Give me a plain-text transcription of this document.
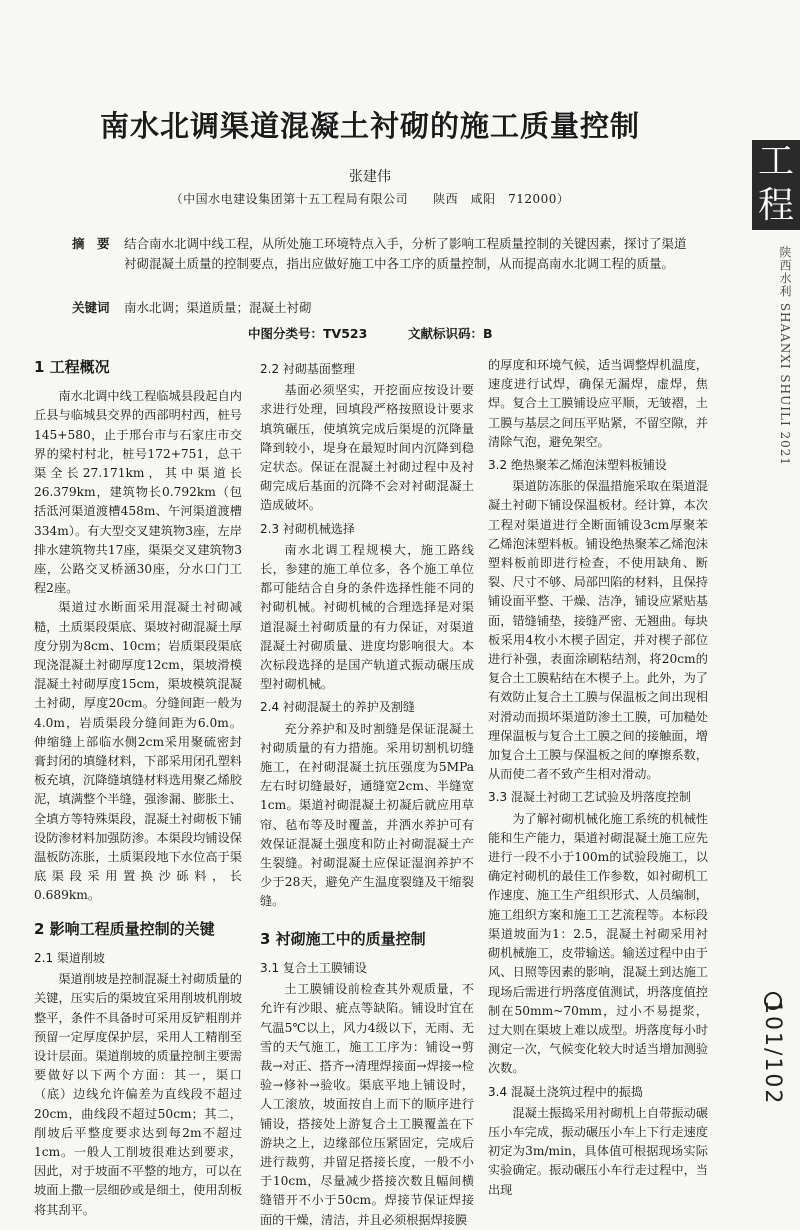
南水北调渠道混凝土衬砌的施工质量控制
张建伟
（中国水电建设集团第十五工程局有限公司　　陕西　咸阳　712000）
摘　要 结合南水北调中线工程，从所处施工环境特点入手，分析了影响工程质量控制的关键因素，探讨了渠道衬砌混凝土质量的控制要点，指出应做好施工中各工序的质量控制，从而提高南水北调工程的质量。
关键词 南水北调；渠道质量；混凝土衬砌
中图分类号：TV523	文献标识码：B
1 工程概况

南水北调中线工程临城县段起自内丘县与临城县交界的西部明村西，桩号145+580，止于邢台市与石家庄市交界的梁村村北，桩号172+751，总干渠全长27.171km，其中渠道长26.379km，建筑物长0.792km（包括泜河渠道渡槽458m、午河渠道渡槽334m）。有大型交叉建筑物3座，左岸排水建筑物共17座，渠渠交叉建筑物3座，公路交叉桥涵30座，分水口门工程2座。

渠道过水断面采用混凝土衬砌减糙，土质渠段渠底、渠坡衬砌混凝土厚度分别为8cm、10cm；岩质渠段渠底现浇混凝土衬砌厚度12cm，渠坡滑模混凝土衬砌厚度15cm，渠坡模筑混凝土衬砌，厚度20cm。分缝间距一般为4.0m，岩质渠段分缝间距为6.0m。伸缩缝上部临水侧2cm采用聚硫密封膏封闭的填缝材料，下部采用闭孔塑料板充填，沉降缝填缝材料选用聚乙烯胶泥，填满整个半缝，强渗漏、膨胀土、全填方等特殊渠段，混凝土衬砌板下铺设防渗材料加强防渗。本渠段均铺设保温板防冻胀，土质渠段地下水位高于渠底渠段采用置换沙砾料，长0.689km。

2 影响工程质量控制的关键
2.1 渠道削坡

渠道削坡是控制混凝土衬砌质量的关键，压实后的渠坡宜采用削坡机削坡整平，条件不具备时可采用反铲粗削并预留一定厚度保护层，采用人工精削至设计层面。渠道削坡的质量控制主要需要做好以下两个方面：其一，渠口（底）边线允许偏差为直线段不超过20cm，曲线段不超过50cm；其二，削坡后平整度要求达到每2m不超过1cm。一般人工削坡很难达到要求，因此，对于坡面不平整的地方，可以在坡面上撒一层细砂或是细土，使用刮板将其刮平。

2.2 衬砌基面整理

基面必须坚实，开挖面应按设计要求进行处理，回填段严格按照设计要求填筑碾压，使填筑完成后渠堤的沉降量降到较小，堤身在最短时间内沉降到稳定状态。保证在混凝土衬砌过程中及衬砌完成后基面的沉降不会对衬砌混凝土造成破坏。

2.3 衬砌机械选择

南水北调工程规模大，施工路线长，参建的施工单位多，各个施工单位都可能结合自身的条件选择性能不同的衬砌机械。衬砌机械的合理选择是对渠道混凝土衬砌质量的有力保证，对渠道混凝土衬砌质量、进度均影响很大。本次标段选择的是国产轨道式振动碾压成型衬砌机械。

2.4 衬砌混凝土的养护及割缝

充分养护和及时割缝是保证混凝土衬砌质量的有力措施。采用切割机切缝施工，在衬砌混凝土抗压强度为5MPa左右时切缝最好，通缝宽2cm、半缝宽1cm。渠道衬砌混凝土初凝后就应用草帘、毡布等及时覆盖，并洒水养护可有效保证混凝土强度和防止衬砌混凝土产生裂缝。衬砌混凝土应保证湿润养护不少于28天，避免产生温度裂缝及干缩裂缝。

3 衬砌施工中的质量控制
3.1 复合土工膜铺设

土工膜铺设前检查其外观质量，不允许有沙眼、疵点等缺陷。铺设时宜在气温5℃以上，风力4级以下，无雨、无雪的天气施工，施工工序为：铺设→剪裁→对正、搭齐→清理焊接面→焊接→检验→修补→验收。渠底平地上铺设时，人工滚放，坡面按自上而下的顺序进行铺设，搭接处上游复合土工膜覆盖在下游块之上，边缘部位压紧固定，完成后进行裁剪，并留足搭接长度，一般不小于10cm，尽量减少搭接次数且幅间横缝错开不小于50cm。焊接节保证焊接面的干燥，清洁，并且必须根据焊接膜

的厚度和环境气候，适当调整焊机温度，速度进行试焊，确保无漏焊，虚焊，焦焊。复合土工膜铺设应平顺，无皱褶，土工膜与基层之间压平贴紧，不留空隙，并清除气泡，避免架空。

3.2 绝热聚苯乙烯泡沫塑料板铺设

渠道防冻胀的保温措施采取在渠道混凝土衬砌下铺设保温板材。经计算，本次工程对渠道进行全断面铺设3cm厚聚苯乙烯泡沫塑料板。铺设绝热聚苯乙烯泡沫塑料板前即进行检查，不使用缺角、断裂、尺寸不够、局部凹陷的材料，且保持铺设面平整、干燥、洁净，铺设应紧贴基面，错缝铺垫，接缝严密、无翘曲。每块板采用4枚小木楔子固定，并对楔子部位进行补强，表面涂刷粘结剂，将20cm的复合土工膜粘结在木楔子上。此外，为了有效防止复合土工膜与保温板之间出现相对滑动而损坏渠道防渗土工膜，可加糙处理保温板与复合土工膜之间的接触面，增加复合土工膜与保温板之间的摩擦系数，从而使二者不致产生相对滑动。

3.3 混凝土衬砌工艺试验及坍落度控制

为了解衬砌机械化施工系统的机械性能和生产能力，渠道衬砌混凝土施工应先进行一段不小于100m的试验段施工，以确定衬砌机的最佳工作参数，如衬砌机工作速度、施工生产组织形式、人员编制，施工组织方案和施工工艺流程等。本标段渠道坡面为1：2.5，混凝土衬砌采用衬砌机械施工，皮带输送。输送过程中由于风、日照等因素的影响，混凝土到达施工现场后需进行坍落度值测试，坍落度值控制在50mm~70mm，过小不易提浆，过大则在渠坡上难以成型。坍落度每小时测定一次，气候变化较大时适当增加测验次数。

3.4 混凝土浇筑过程中的振捣

混凝土振捣采用衬砌机上自带振动碾压小车完成，振动碾压小车上下行走速度初定为3m/min，具体值可根据现场实际实验确定。振动碾压小车行走过程中，当出现

工程
陕西水利 SHAANXI SHUILI 2021
101/102
